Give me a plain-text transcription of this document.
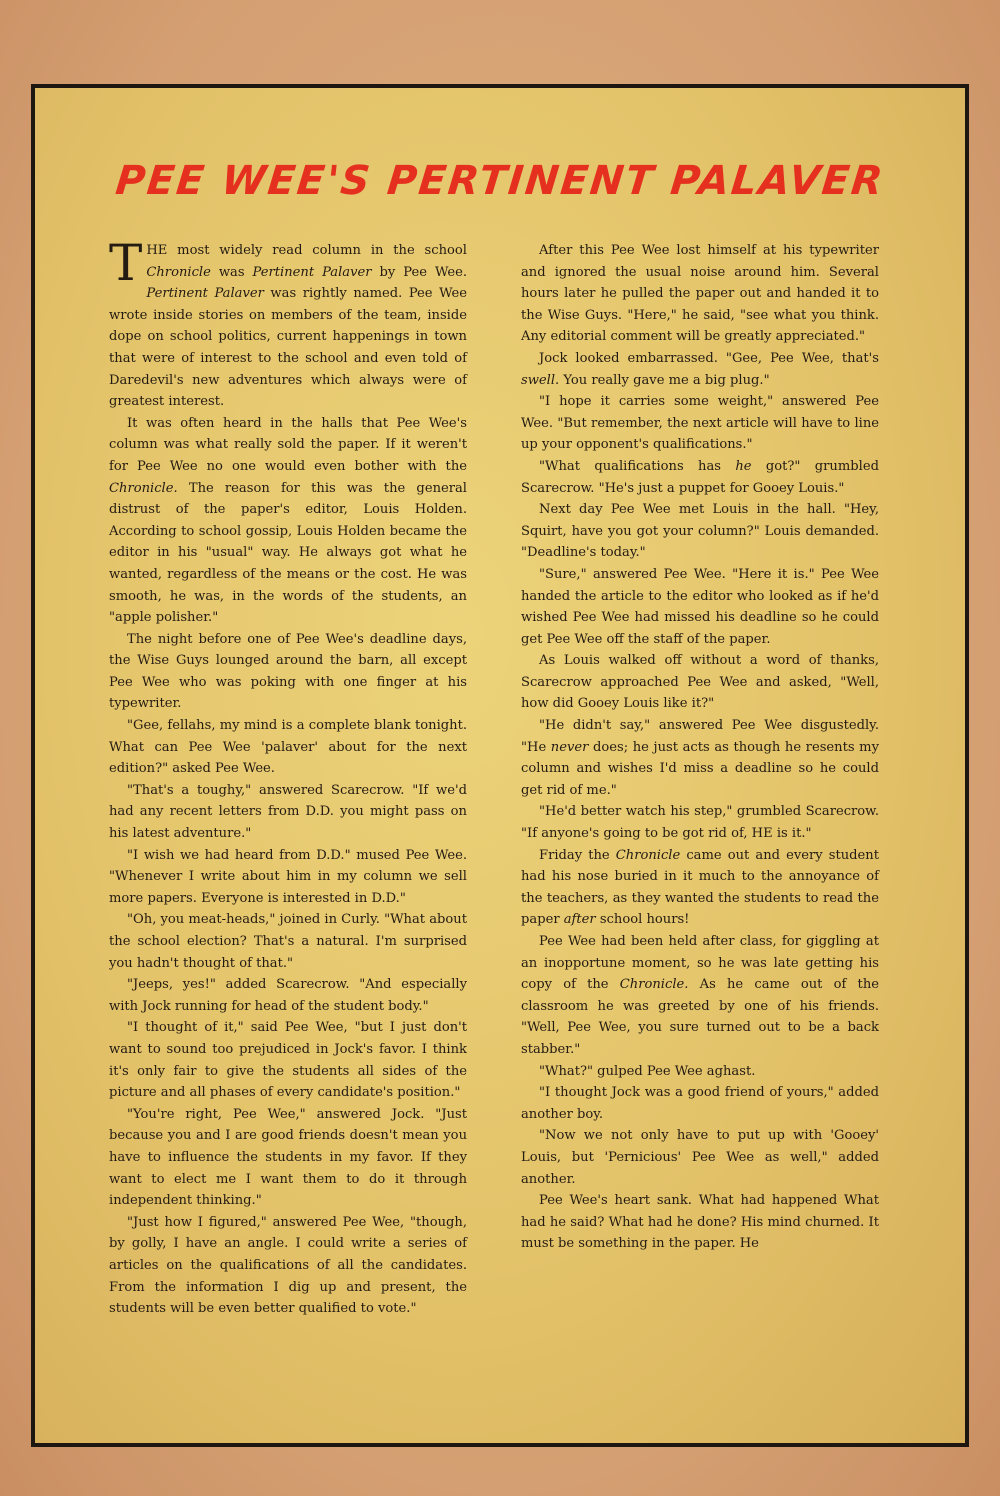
PEE WEE'S PERTINENT PALAVER

THE most widely read column in the school Chronicle was Pertinent Palaver by Pee Wee. Pertinent Palaver was rightly named. Pee Wee wrote inside stories on members of the team, inside dope on school politics, current happenings in town that were of interest to the school and even told of Daredevil's new adventures which always were of greatest interest.

It was often heard in the halls that Pee Wee's column was what really sold the paper. If it weren't for Pee Wee no one would even bother with the Chronicle. The reason for this was the general distrust of the paper's editor, Louis Holden. According to school gossip, Louis Holden became the editor in his "usual" way. He always got what he wanted, regardless of the means or the cost. He was smooth, he was, in the words of the students, an "apple polisher."

The night before one of Pee Wee's deadline days, the Wise Guys lounged around the barn, all except Pee Wee who was poking with one finger at his typewriter.

"Gee, fellahs, my mind is a complete blank tonight. What can Pee Wee 'palaver' about for the next edition?" asked Pee Wee.

"That's a toughy," answered Scarecrow. "If we'd had any recent letters from D.D. you might pass on his latest adventure."

"I wish we had heard from D.D." mused Pee Wee. "Whenever I write about him in my column we sell more papers. Everyone is interested in D.D."

"Oh, you meat-heads," joined in Curly. "What about the school election? That's a natural. I'm surprised you hadn't thought of that."

"Jeeps, yes!" added Scarecrow. "And especially with Jock running for head of the student body."

"I thought of it," said Pee Wee, "but I just don't want to sound too prejudiced in Jock's favor. I think it's only fair to give the students all sides of the picture and all phases of every candidate's position."

"You're right, Pee Wee," answered Jock. "Just because you and I are good friends doesn't mean you have to influence the students in my favor. If they want to elect me I want them to do it through independent thinking."

"Just how I figured," answered Pee Wee, "though, by golly, I have an angle. I could write a series of articles on the qualifications of all the candidates. From the information I dig up and present, the students will be even better qualified to vote."

After this Pee Wee lost himself at his typewriter and ignored the usual noise around him. Several hours later he pulled the paper out and handed it to the Wise Guys. "Here," he said, "see what you think. Any editorial comment will be greatly appreciated."

Jock looked embarrassed. "Gee, Pee Wee, that's swell. You really gave me a big plug."

"I hope it carries some weight," answered Pee Wee. "But remember, the next article will have to line up your opponent's qualifications."

"What qualifications has he got?" grumbled Scarecrow. "He's just a puppet for Gooey Louis."

Next day Pee Wee met Louis in the hall. "Hey, Squirt, have you got your column?" Louis demanded. "Deadline's today."

"Sure," answered Pee Wee. "Here it is." Pee Wee handed the article to the editor who looked as if he'd wished Pee Wee had missed his deadline so he could get Pee Wee off the staff of the paper.

As Louis walked off without a word of thanks, Scarecrow approached Pee Wee and asked, "Well, how did Gooey Louis like it?"

"He didn't say," answered Pee Wee disgustedly. "He never does; he just acts as though he resents my column and wishes I'd miss a deadline so he could get rid of me."

"He'd better watch his step," grumbled Scarecrow. "If anyone's going to be got rid of, HE is it."

Friday the Chronicle came out and every student had his nose buried in it much to the annoyance of the teachers, as they wanted the students to read the paper after school hours!

Pee Wee had been held after class, for giggling at an inopportune moment, so he was late getting his copy of the Chronicle. As he came out of the classroom he was greeted by one of his friends. "Well, Pee Wee, you sure turned out to be a back stabber."

"What?" gulped Pee Wee aghast.

"I thought Jock was a good friend of yours," added another boy.

"Now we not only have to put up with 'Gooey' Louis, but 'Pernicious' Pee Wee as well," added another.

Pee Wee's heart sank. What had happened What had he said? What had he done? His mind churned. It must be something in the paper. He
